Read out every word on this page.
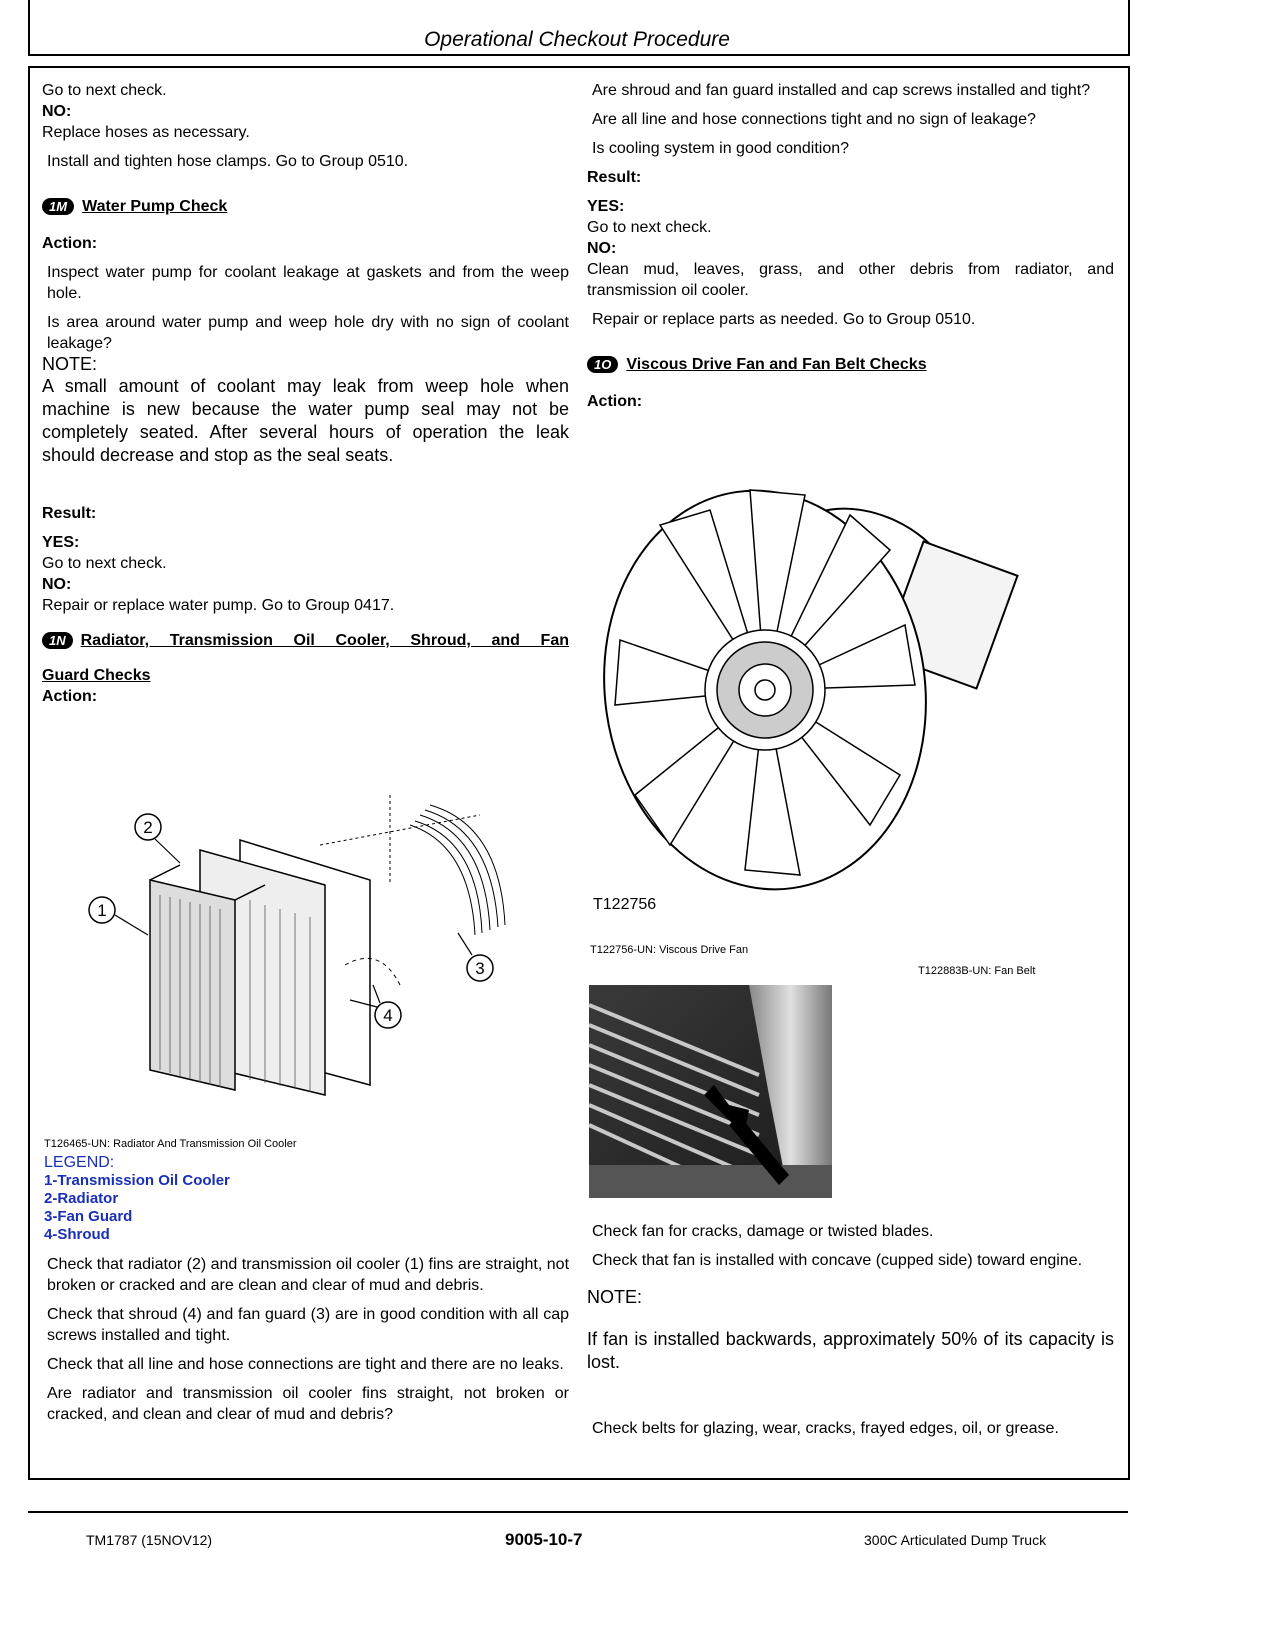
Operational Checkout Procedure

Go to next check.

NO:

Replace hoses as necessary.

Install and tighten hose clamps. Go to Group 0510.

1M Water Pump Check

Action:

Inspect water pump for coolant leakage at gaskets and from the weep hole.

Is area around water pump and weep hole dry with no sign of coolant leakage?

NOTE:

A small amount of coolant may leak from weep hole when machine is new because the water pump seal may not be completely seated. After several hours of operation the leak should decrease and stop as the seal seats.

Result:

YES:

Go to next check.

NO:

Repair or replace water pump. Go to Group 0417.

1N Radiator, Transmission Oil Cooler, Shroud, and Fan

Guard Checks

Action:

1
2
3
4

T126465-UN: Radiator And Transmission Oil Cooler

LEGEND:

1-Transmission Oil Cooler

2-Radiator

3-Fan Guard

4-Shroud

Check that radiator (2) and transmission oil cooler (1) fins are straight, not broken or cracked and are clean and clear of mud and debris.

Check that shroud (4) and fan guard (3) are in good condition with all cap screws installed and tight.

Check that all line and hose connections are tight and there are no leaks.

Are radiator and transmission oil cooler fins straight, not broken or cracked, and clean and clear of mud and debris?

Are shroud and fan guard installed and cap screws installed and tight?

Are all line and hose connections tight and no sign of leakage?

Is cooling system in good condition?

Result:

YES:

Go to next check.

NO:

Clean mud, leaves, grass, and other debris from radiator, and transmission oil cooler.

Repair or replace parts as needed. Go to Group 0510.

1O Viscous Drive Fan and Fan Belt Checks

Action:

T122756
T122756-UN: Viscous Drive Fan
T122883B-UN: Fan Belt

Check fan for cracks, damage or twisted blades.

Check that fan is installed with concave (cupped side) toward engine.

NOTE:

If fan is installed backwards, approximately 50% of its capacity is lost.

Check belts for glazing, wear, cracks, frayed edges, oil, or grease.

TM1787 (15NOV12)	9005-10-7	300C Articulated Dump Truck
